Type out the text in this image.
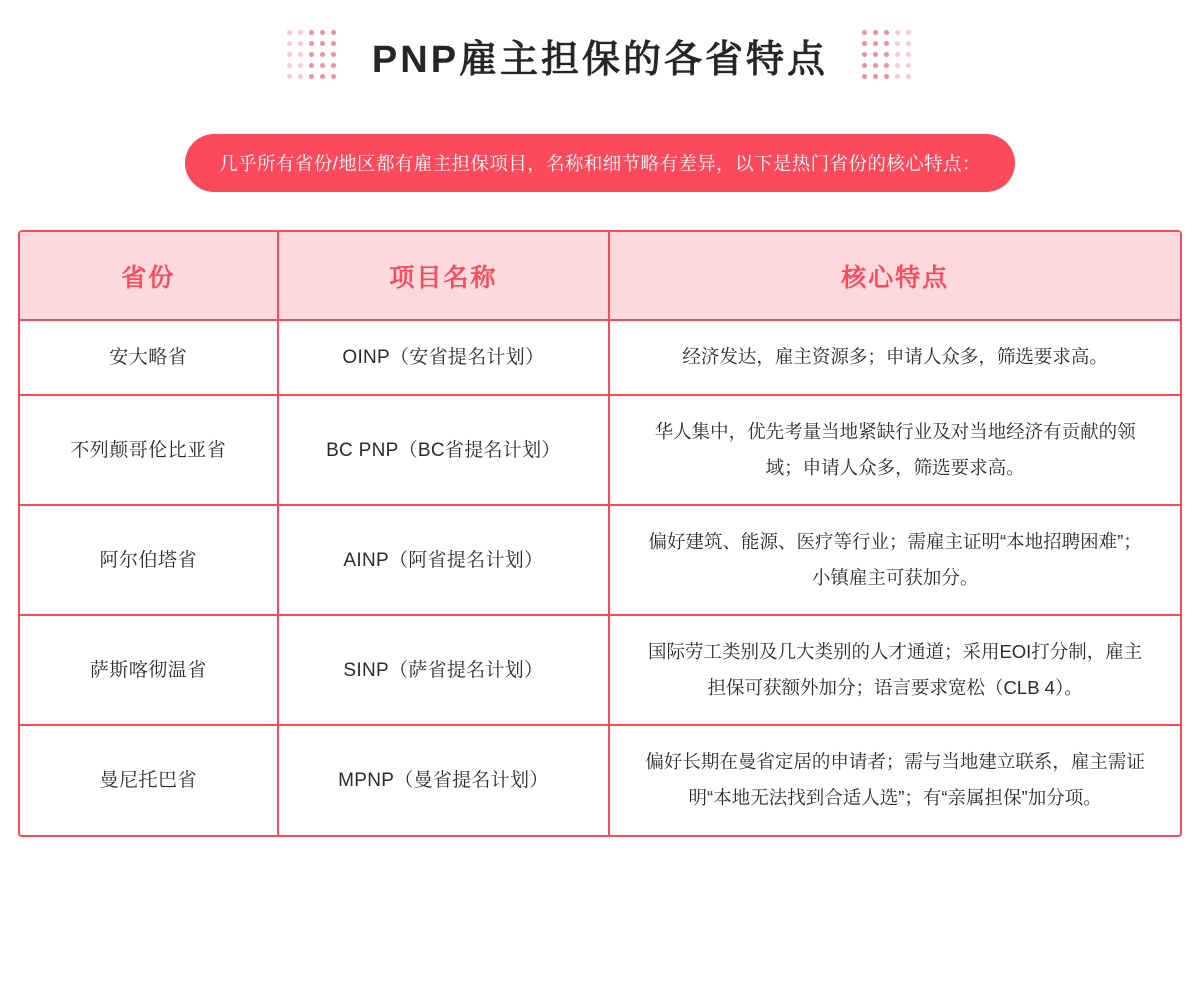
PNP雇主担保的各省特点
几乎所有省份/地区都有雇主担保项目，名称和细节略有差异，以下是热门省份的核心特点：
省份	项目名称	核心特点
安大略省	OINP（安省提名计划）	经济发达，雇主资源多；申请人众多，筛选要求高。
不列颠哥伦比亚省	BC PNP（BC省提名计划）	华人集中，优先考量当地紧缺行业及对当地经济有贡献的领域；申请人众多，筛选要求高。
阿尔伯塔省	AINP（阿省提名计划）	偏好建筑、能源、医疗等行业；需雇主证明“本地招聘困难”；小镇雇主可获加分。
萨斯喀彻温省	SINP（萨省提名计划）	国际劳工类别及几大类别的人才通道；采用EOI打分制，雇主担保可获额外加分；语言要求宽松（CLB 4）。
曼尼托巴省	MPNP（曼省提名计划）	偏好长期在曼省定居的申请者；需与当地建立联系，雇主需证明“本地无法找到合适人选”；有“亲属担保”加分项。
